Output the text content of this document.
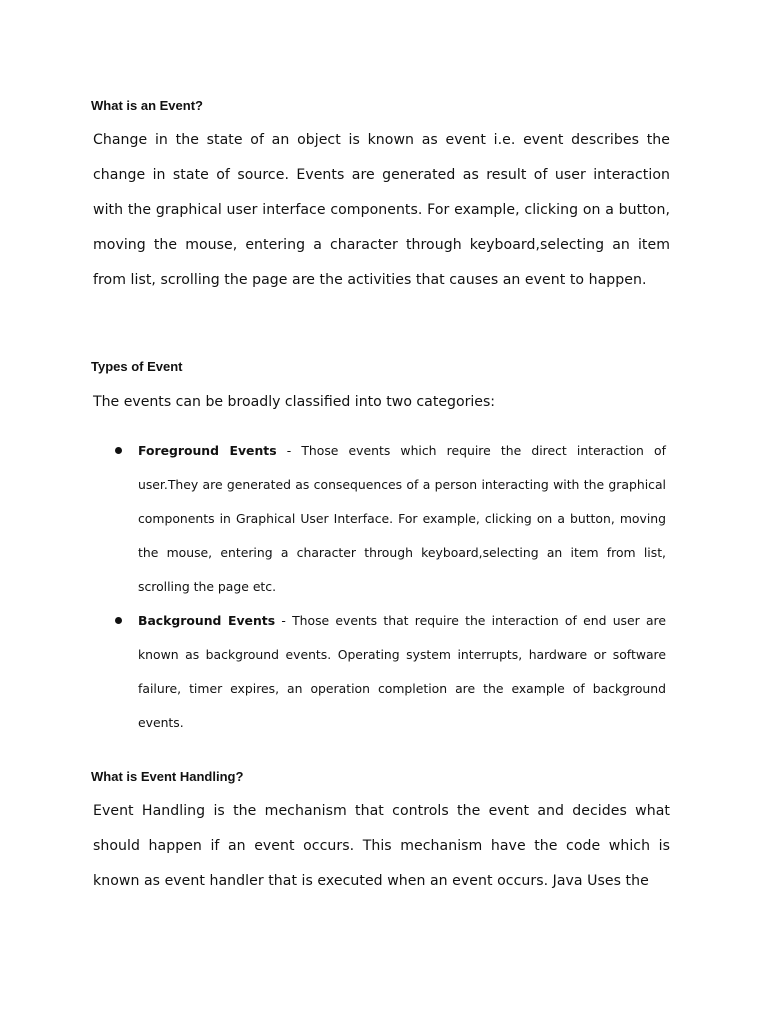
What is an Event?

Change in the state of an object is known as event i.e. event describes the change in state of source. Events are generated as result of user interaction with the graphical user interface components. For example, clicking on a button, moving the mouse, entering a character through keyboard,selecting an item from list, scrolling the page are the activities that causes an event to happen.

Types of Event

The events can be broadly classified into two categories:

Foreground Events - Those events which require the direct interaction of user.They are generated as consequences of a person interacting with the graphical components in Graphical User Interface. For example, clicking on a button, moving the mouse, entering a character through keyboard,selecting an item from list, scrolling the page etc.
Background Events - Those events that require the interaction of end user are known as background events. Operating system interrupts, hardware or software failure, timer expires, an operation completion are the example of background events.
What is Event Handling?

Event Handling is the mechanism that controls the event and decides what should happen if an event occurs. This mechanism have the code which is known as event handler that is executed when an event occurs. Java Uses the
